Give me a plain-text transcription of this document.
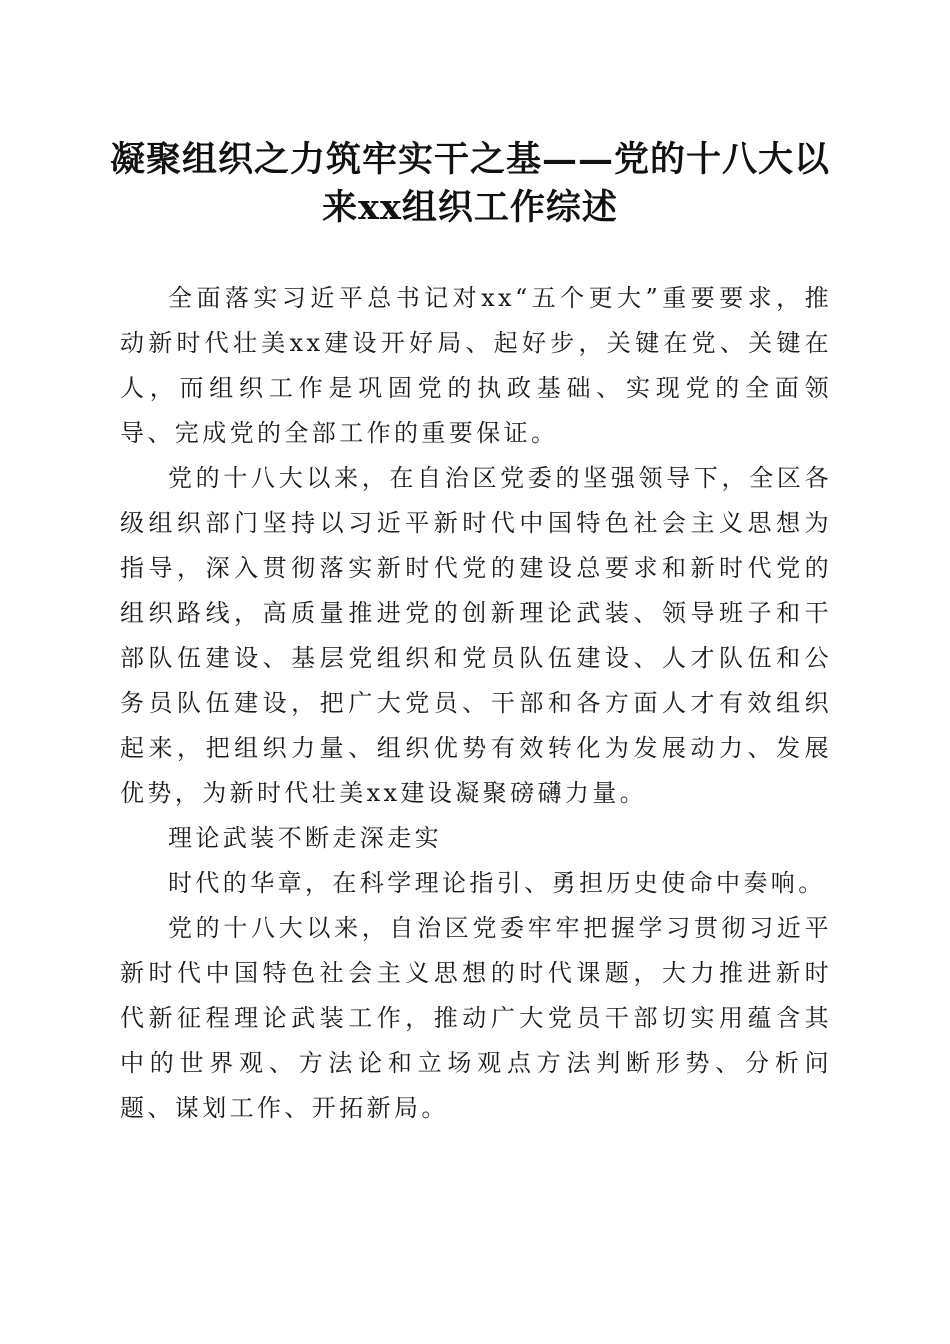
凝聚组织之力筑牢实干之基——党的十八大以
来xx组织工作综述

全面落实习近平总书记对xx“五个更大”重要要求，推动新时代壮美xx建设开好局、起好步，关键在党、关键在人，而组织工作是巩固党的执政基础、实现党的全面领导、完成党的全部工作的重要保证。

党的十八大以来，在自治区党委的坚强领导下，全区各级组织部门坚持以习近平新时代中国特色社会主义思想为指导，深入贯彻落实新时代党的建设总要求和新时代党的组织路线，高质量推进党的创新理论武装、领导班子和干部队伍建设、基层党组织和党员队伍建设、人才队伍和公务员队伍建设，把广大党员、干部和各方面人才有效组织起来，把组织力量、组织优势有效转化为发展动力、发展优势，为新时代壮美xx建设凝聚磅礴力量。

理论武装不断走深走实

时代的华章，在科学理论指引、勇担历史使命中奏响。

党的十八大以来，自治区党委牢牢把握学习贯彻习近平新时代中国特色社会主义思想的时代课题，大力推进新时代新征程理论武装工作，推动广大党员干部切实用蕴含其中的世界观、方法论和立场观点方法判断形势、分析问题、谋划工作、开拓新局。
